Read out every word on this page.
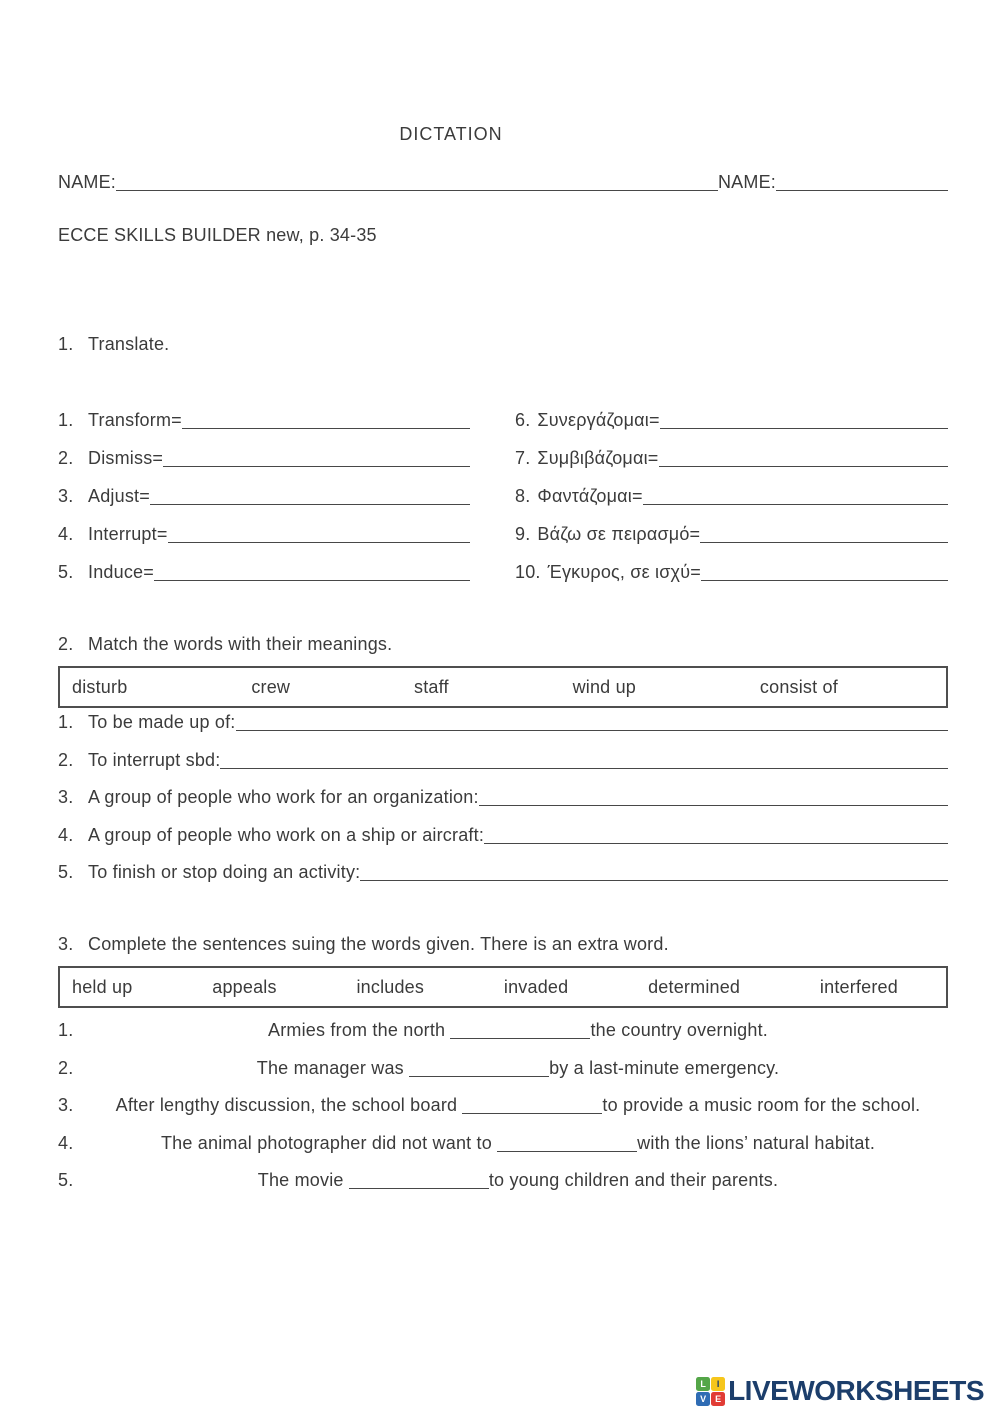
DICTATION
NAME:	NAME:
ECCE SKILLS BUILDER new, p. 34-35
1. Translate.
1. Transform=
2. Dismiss=
3. Adjust=
4. Interrupt=
5. Induce=
6. Συνεργάζομαι=
7. Συμβιβάζομαι=
8. Φαντάζομαι=
9. Βάζω σε πειρασμό=
10. Έγκυρος, σε ισχύ=
2. Match the words with their meanings.
disturb	crew	staff	wind up	consist of
1. To be made up of:
2. To interrupt sbd:
3. A group of people who work for an organization:
4. A group of people who work on a ship or aircraft:
5. To finish or stop doing an activity:
3. Complete the sentences suing the words given. There is an extra word.
held up	appeals	includes	invaded	determined	interfered
1.	Armies from the north	the country overnight.

2.	The manager was	by a last-minute emergency.

3.	After lengthy discussion, the school board	to provide a music room for the school.

4.	The animal photographer did not want to	with the lions’ natural habitat.

5.	The movie	to young children and their parents.

L	I
V E LIVEWORKSHEETS
